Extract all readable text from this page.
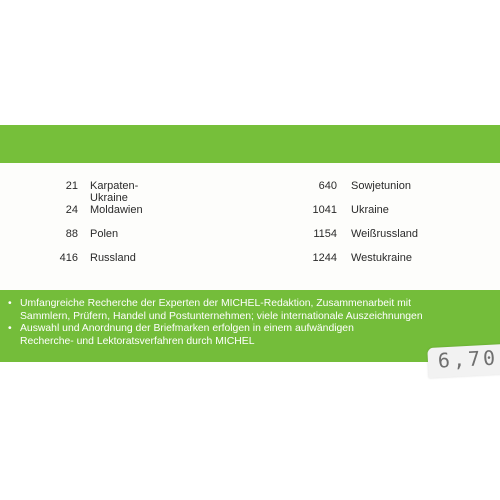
21 Karpaten-Ukraine
24 Moldawien
88 Polen
416 Russland
640 Sowjetunion
1041 Ukraine
1154 Weißrussland
1244 Westukraine
• Umfangreiche Recherche der Experten der MICHEL-Redaktion, Zusammenarbeit mit
Sammlern, Prüfern, Handel und Postunternehmen; viele internationale Auszeichnungen
• Auswahl und Anordnung der Briefmarken erfolgen in einem aufwändigen
Recherche- und Lektoratsverfahren durch MICHEL
6,70
